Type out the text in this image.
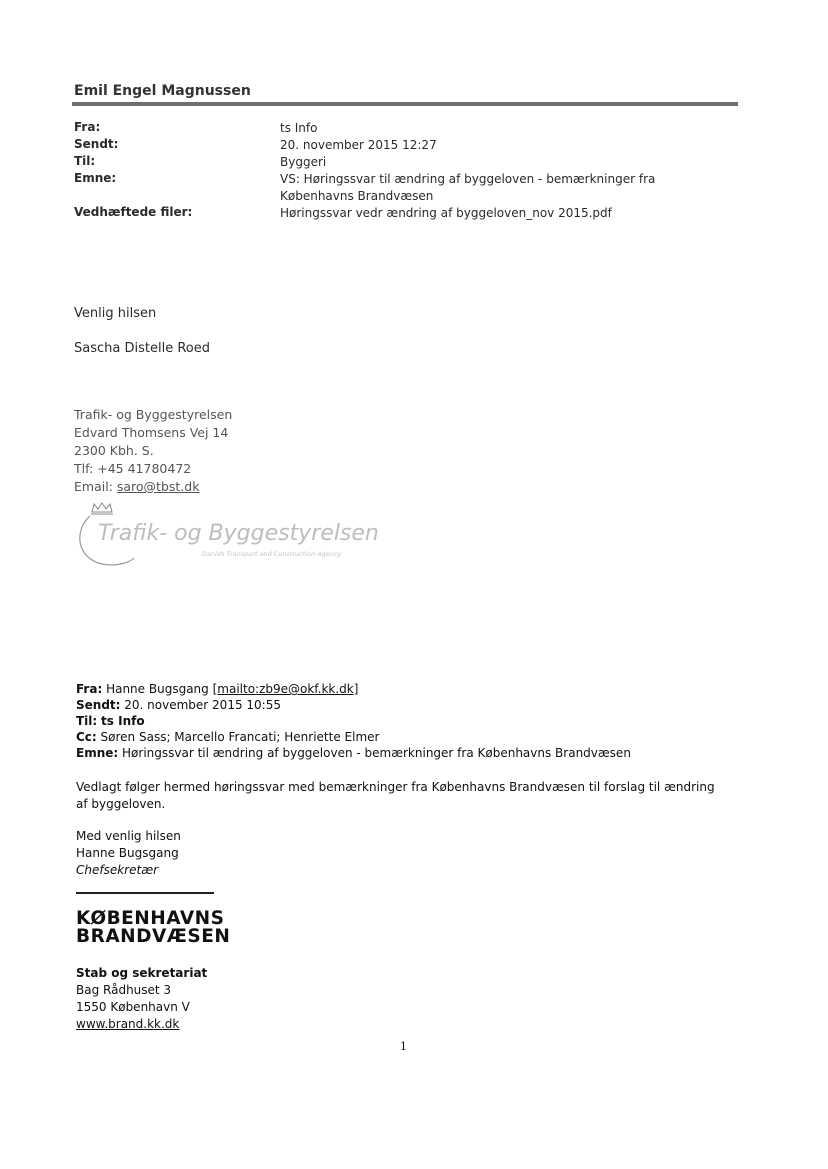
Emil Engel Magnussen
Fra:	ts Info
Sendt:	20. november 2015 12:27
Til:	Byggeri
Emne:	VS: Høringssvar til ændring af byggeloven - bemærkninger fra Københavns Brandvæsen
Vedhæftede filer:	Høringssvar vedr ændring af byggeloven_nov 2015.pdf
Venlig hilsen
Sascha Distelle Roed
Trafik- og Byggestyrelsen
Edvard Thomsens Vej 14
2300 Kbh. S.
Tlf: +45 41780472
Email: saro@tbst.dk
Trafik- og Byggestyrelsen
Danish Transport and Construction Agency
Fra: Hanne Bugsgang [mailto:zb9e@okf.kk.dk]
Sendt: 20. november 2015 10:55
Til: ts Info
Cc: Søren Sass; Marcello Francati; Henriette Elmer
Emne: Høringssvar til ændring af byggeloven - bemærkninger fra Københavns Brandvæsen
Vedlagt følger hermed høringssvar med bemærkninger fra Københavns Brandvæsen til forslag til ændring af byggeloven.
Med venlig hilsen
Hanne Bugsgang
Chefsekretær
KØBENHAVNS
BRANDVÆSEN
Stab og sekretariat
Bag Rådhuset 3
1550 København V
www.brand.kk.dk
1
